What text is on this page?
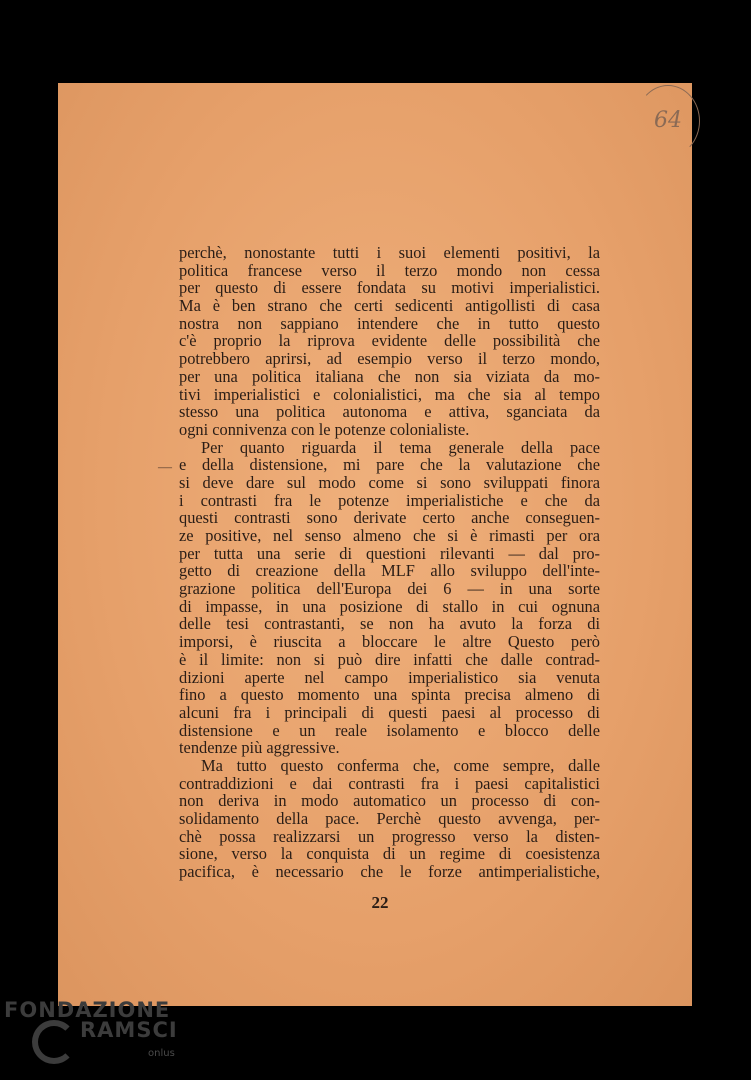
64
—
perchè, nonostante tutti i suoi elementi positivi, la
politica francese verso il terzo mondo non cessa
per questo di essere fondata su motivi imperialistici.
Ma è ben strano che certi sedicenti antigollisti di casa
nostra non sappiano intendere che in tutto questo
c'è proprio la riprova evidente delle possibilità che
potrebbero aprirsi, ad esempio verso il terzo mondo,
per una politica italiana che non sia viziata da mo-
tivi imperialistici e colonialistici, ma che sia al tempo
stesso una politica autonoma e attiva, sganciata da
ogni connivenza con le potenze colonialiste.
Per quanto riguarda il tema generale della pace
e della distensione, mi pare che la valutazione che
si deve dare sul modo come si sono sviluppati finora
i contrasti fra le potenze imperialistiche e che da
questi contrasti sono derivate certo anche conseguen-
ze positive, nel senso almeno che si è rimasti per ora
per tutta una serie di questioni rilevanti — dal pro-
getto di creazione della MLF allo sviluppo dell'inte-
grazione politica dell'Europa dei 6 — in una sorte
di impasse, in una posizione di stallo in cui ognuna
delle tesi contrastanti, se non ha avuto la forza di
imporsi, è riuscita a bloccare le altre Questo però
è il limite: non si può dire infatti che dalle contrad-
dizioni aperte nel campo imperialistico sia venuta
fino a questo momento una spinta precisa almeno di
alcuni fra i principali di questi paesi al processo di
distensione e un reale isolamento e blocco delle
tendenze più aggressive.
Ma tutto questo conferma che, come sempre, dalle
contraddizioni e dai contrasti fra i paesi capitalistici
non deriva in modo automatico un processo di con-
solidamento della pace. Perchè questo avvenga, per-
chè possa realizzarsi un progresso verso la disten-
sione, verso la conquista di un regime di coesistenza
pacifica, è necessario che le forze antimperialistiche,
22
FONDAZIONE
RAMSCI
onlus
